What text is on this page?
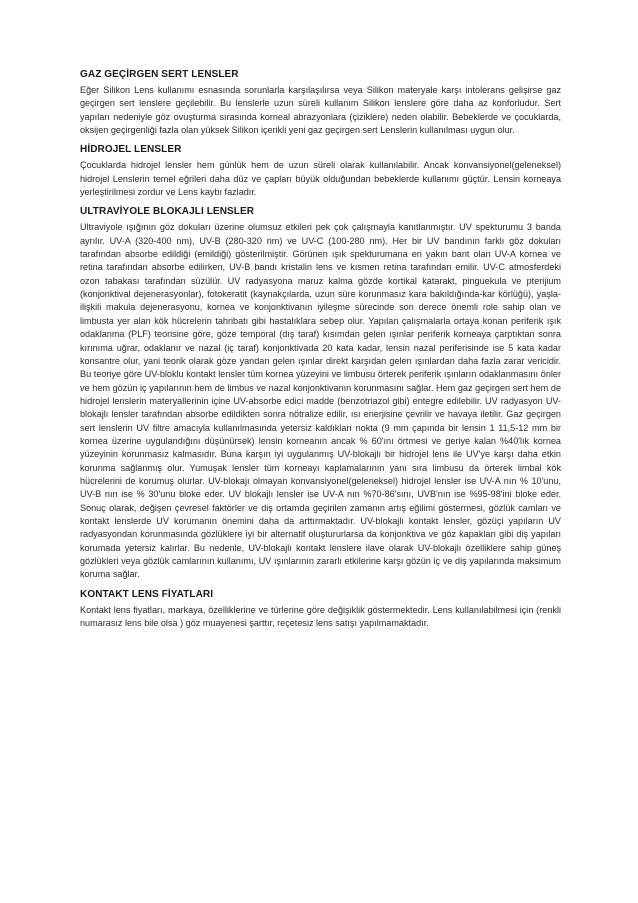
GAZ GEÇİRGEN SERT LENSLER

Eğer Silikon Lens kullanımı esnasında sorunlarla karşılaşılırsa veya Silikon materyale karşı intolerans gelişirse gaz geçirgen sert lenslere geçilebilir. Bu lenslerle uzun süreli kullanım Silikon lenslere göre daha az konforludur. Sert yapıları nedeniyle göz ovuşturma sırasında korneal abrazyonlara (çiziklere) neden olabilir. Bebeklerde ve çocuklarda, oksijen geçirgenliği fazla olan yüksek Silikon içerikli yeni gaz geçirgen sert Lenslerin kullanılması uygun olur.

HİDROJEL LENSLER

Çocuklarda hidrojel lensler hem günlük hem de uzun süreli olarak kullanılabilir. Ancak konvansiyonel(geleneksel) hidrojel Lenslerin temel eğrileri daha düz ve çapları büyük olduğundan bebeklerde kullanımı güçtür. Lensin korneaya yerleştirilmesi zordur ve Lens kaybı fazladır.

ULTRAVİYOLE BLOKAJLI LENSLER

Ultraviyole ışığının göz dokuları üzerine olumsuz etkileri pek çok çalışmayla kanıtlanmıştır. UV spekturumu 3 banda ayrılır. UV-A (320-400 nm), UV-B (280-320 nm) ve UV-C (100-280 nm). Her bir UV bandının farklı göz dokuları tarafından absorbe edildiği (emildiği) gösterilmiştir. Görünen ışık spekturumana en yakın bant olan UV-A kornea ve retina tarafından absorbe edilirken, UV-B bandı kristalin lens ve kısmen retina tarafından emilir. UV-C atmosferdeki ozon tabakası tarafından süzülür. UV radyasyona maruz kalma gözde kortikal katarakt, pinguekula ve pterijium (konjonktival dejenerasyonlar), fotokeratit (kaynakçılarda, uzun süre korunmasız kara bakıldığında-kar körlüğü), yaşla-ilişkili makula dejenerasyonu, kornea ve konjonktivanın iyileşme sürecinde son derece önemli role sahip olan ve limbusta yer alan kök hücrelerin tahribatı gibi hastalıklara sebep olur. Yapılan çalışmalarla ortaya konan periferik ışık odaklanma (PLF) teorisine göre, göze temporal (dış taraf) kısımdan gelen ışınlar periferik korneaya çarptıktan sonra kırınıma uğrar, odaklanır ve nazal (iç taraf) konjonktivada 20 kata kadar, lensin nazal periferisinde ise 5 kata kadar konsantre olur, yani teorik olarak göze yandan gelen ışınlar direkt karşıdan gelen ışınlardan daha fazla zarar vericidir. Bu teoriye göre UV-bloklu kontakt lensler tüm kornea yüzeyini ve limbusu örterek periferik ışınların odaklanmasını önler ve hem gözün iç yapılarının hem de limbus ve nazal konjonktivanın korunmasını sağlar. Hem gaz geçirgen sert hem de hidrojel lenslerin materyallerinin içine UV-absorbe edici madde (benzotriazol gibi) entegre edilebilir. UV radyasyon UV-blokajlı lensler tarafından absorbe edildikten sonra nötralize edilir, ısı enerjisine çevrilir ve havaya iletilir. Gaz geçirgen sert lenslerin UV filtre amacıyla kullanılmasında yetersiz kaldıkları nokta (9 mm çapında bir lensin 1 11,5-12 mm bir kornea üzerine uygulandığını düşünürsek) lensin korneanın ancak % 60'ını örtmesi ve geriye kalan %40'lık kornea yüzeyinin korunmasız kalmasıdır. Buna karşın iyi uygulanmış UV-blokajlı bir hidrojel lens ile UV'ye karşı daha etkin korunma sağlanmış olur. Yumuşak lensler tüm korneayı kaplamalarının yanı sıra limbusu da örterek limbal kök hücrelerini de korumuş olurlar. UV-blokajı olmayan konvansiyonel(geleneksel) hidrojel lensler ise UV-A nın % 10'unu, UV-B nın ise % 30'unu bloke eder. UV blokajlı lensler ise UV-A nın %70-86'sını, UVB'nın ise %95-98'ini bloke eder. Sonuç olarak, değişen çevresel faktörler ve diş ortamda geçirilen zamanın artış eğilimi göstermesi, gözlük camları ve kontakt lenslerde UV korumanın önemini daha da arttırmaktadır. UV-blokajlı kontakt lensler, gözüçi yapıların UV radyasyondan korunmasında gözlüklere iyi bir alternatif oluştururlarsa da konjonktiva ve göz kapakları gibi diş yapıları korumada yetersiz kalırlar. Bu nedenle, UV-blokajlı kontakt lenslere ilave olarak UV-blokajlı özelliklere sahip güneş gözlükleri veya gözlük camlarının kullanımı, UV ışınlarının zararlı etkilerine karşı gözün iç ve diş yapılarında maksimum koruma sağlar.

KONTAKT LENS FİYATLARI

Kontakt lens fiyatları, markaya, özelliklerine ve türlerine göre değişiklik göstermektedir. Lens kullanılabilmesi için (renkli numarasız lens bile olsa ) göz muayenesi şarttır, reçetesiz lens satışı yapılmamaktadır.
